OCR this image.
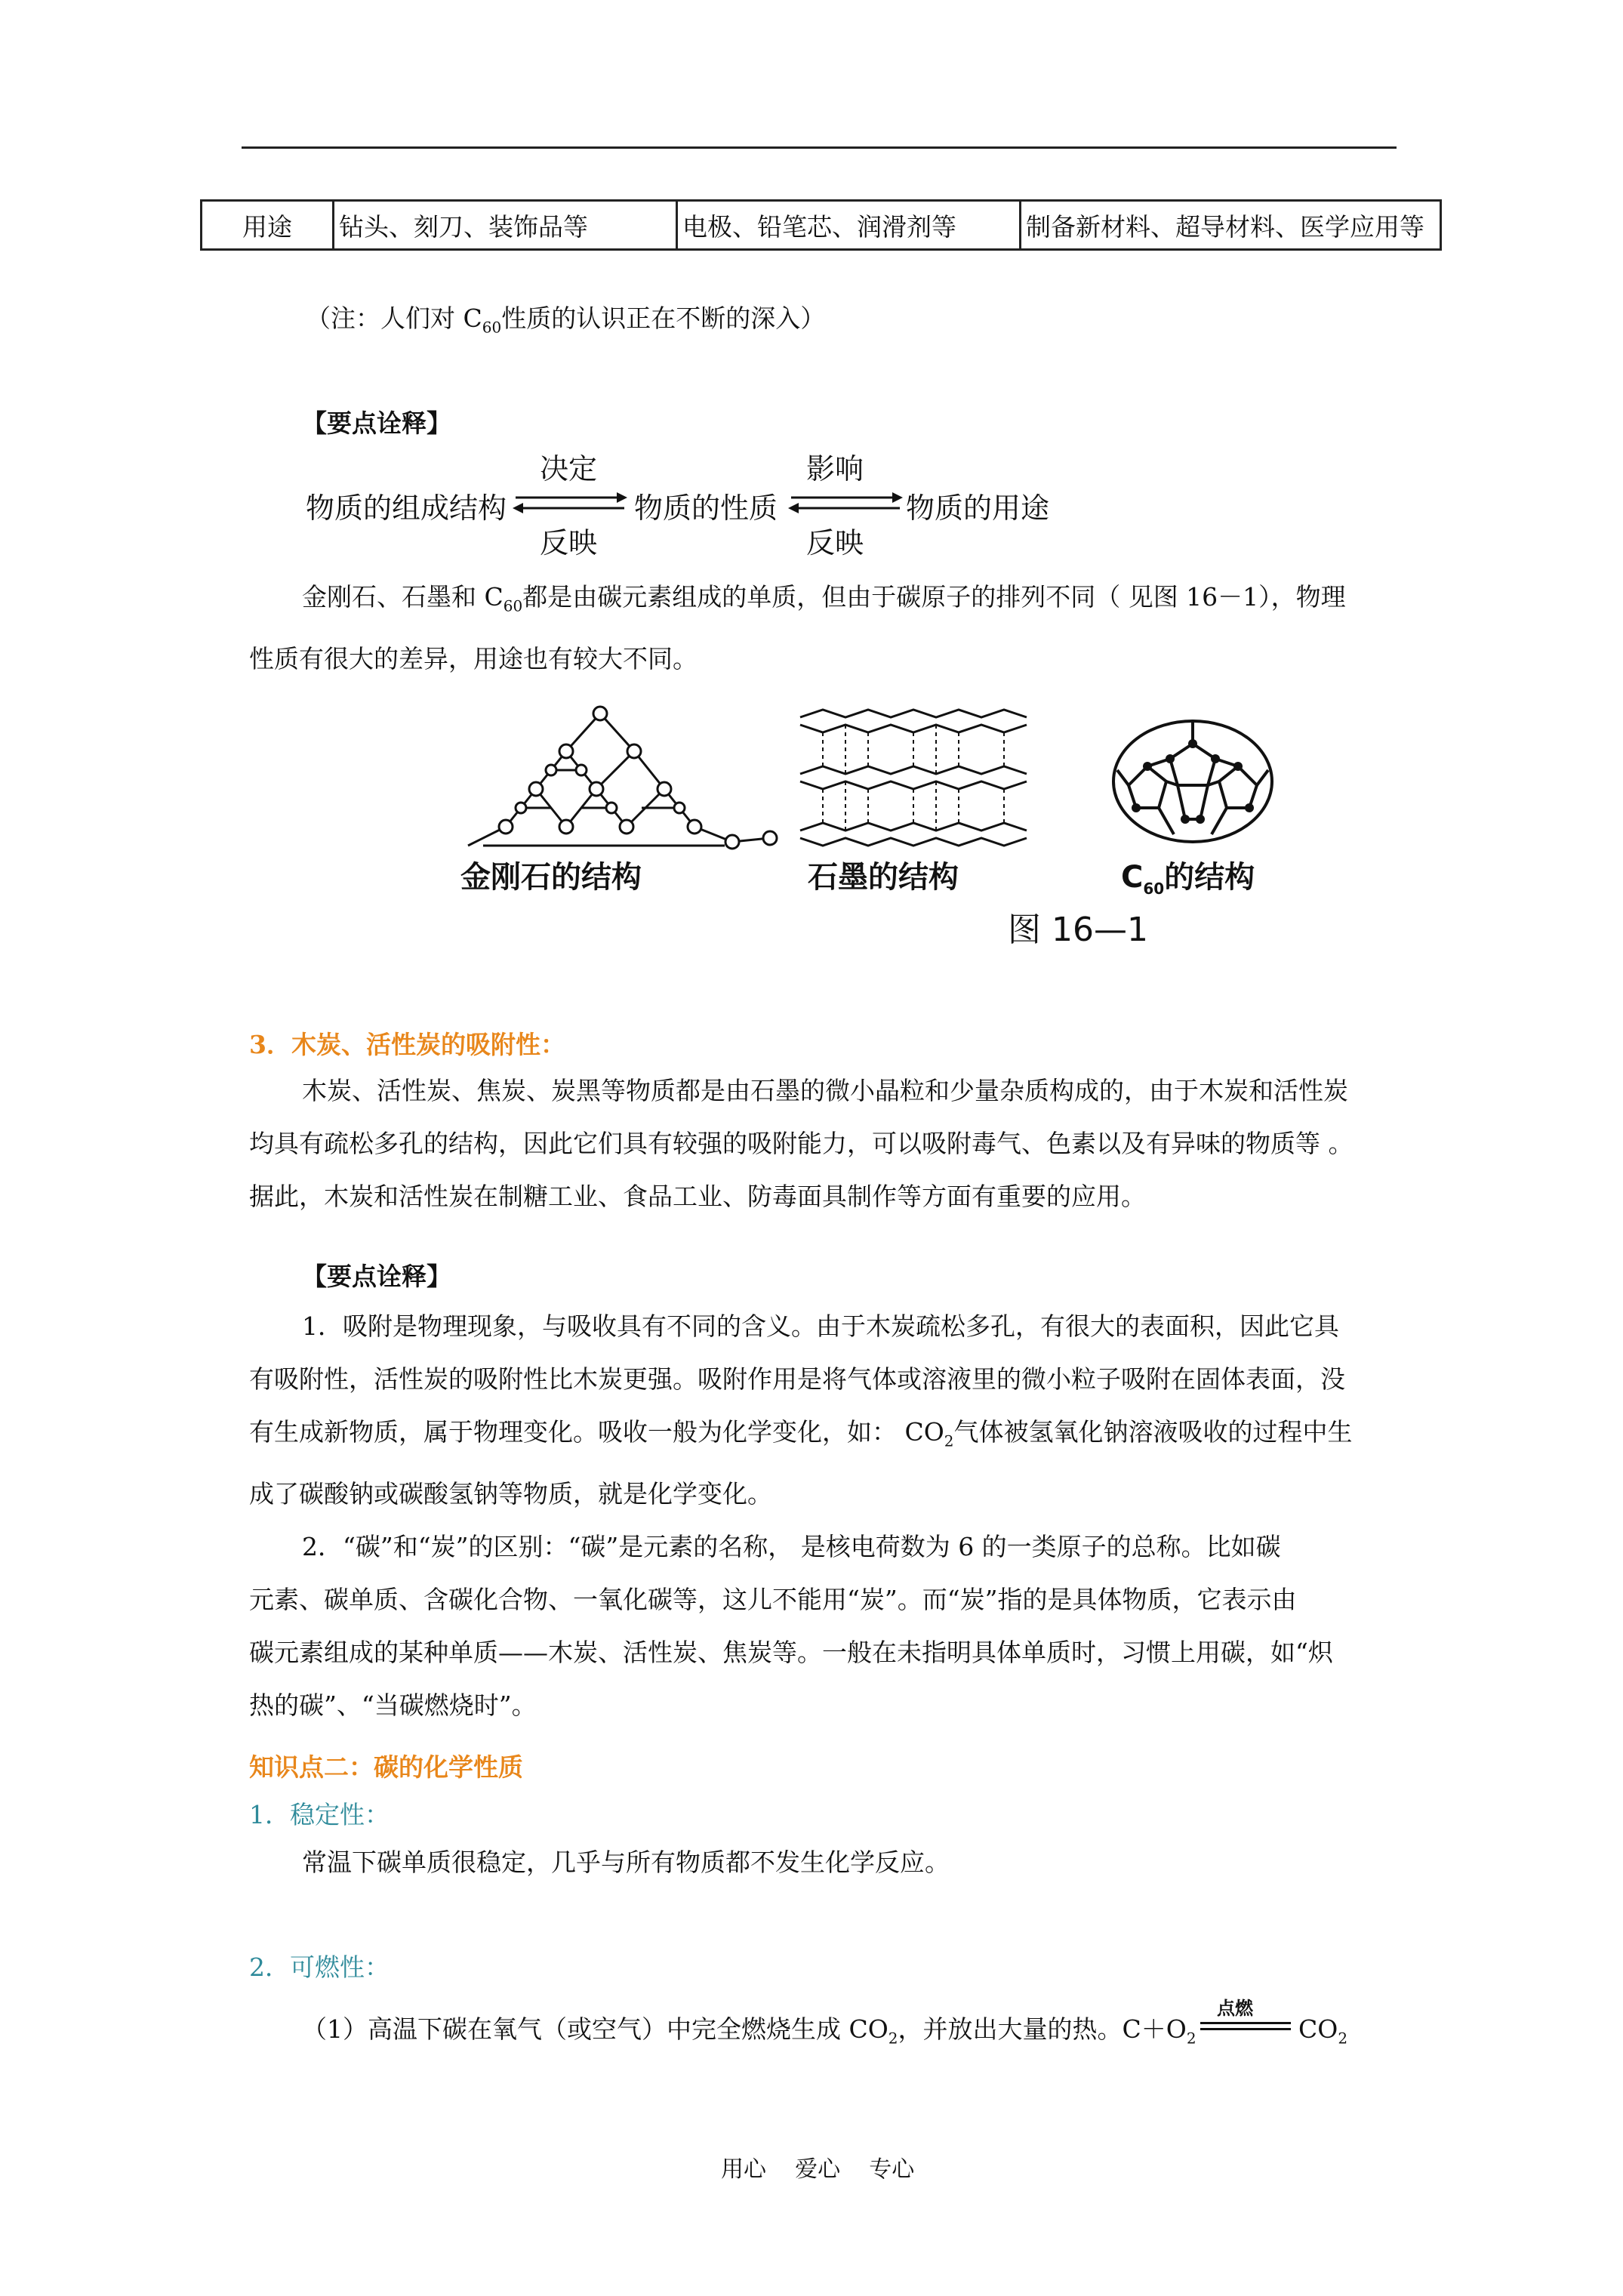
用途	钻头、刻刀、装饰品等	电极、铅笔芯、润滑剂等	制备新材料、超导材料、医学应用等
（注：人们对 $C_{60}$性质的认识正在不断的深入）
【要点诠释】
物质的组成结构
决定
反映
物质的性质
影响
反映
物质的用途

金刚石、石墨和 $C_{60}$都是由碳元素组成的单质，但由于碳原子的排列不同（ 见图 16－1），物理

性质有很大的差异，用途也有较大不同。

金刚石的结构	石墨的结构	$C_{60}$的结构
图 16—1
3．木炭、活性炭的吸附性：

木炭、活性炭、焦炭、炭黑等物质都是由石墨的微小晶粒和少量杂质构成的，由于木炭和活性炭

均具有疏松多孔的结构，因此它们具有较强的吸附能力，可以吸附毒气、色素以及有异味的物质等 。

据此，木炭和活性炭在制糖工业、食品工业、防毒面具制作等方面有重要的应用。

【要点诠释】

1．吸附是物理现象，与吸收具有不同的含义。由于木炭疏松多孔，有很大的表面积，因此它具

有吸附性，活性炭的吸附性比木炭更强。吸附作用是将气体或溶液里的微小粒子吸附在固体表面，没

有生成新物质，属于物理变化。吸收一般为化学变化，如： $CO_2$气体被氢氧化钠溶液吸收的过程中生

成了碳酸钠或碳酸氢钠等物质，就是化学变化。

2．“碳”和“炭”的区别：“碳”是元素的名称， 是核电荷数为 6 的一类原子的总称。比如碳

元素、碳单质、含碳化合物、一氧化碳等，这儿不能用“炭”。而“炭”指的是具体物质，它表示由

碳元素组成的某种单质——木炭、活性炭、焦炭等。一般在未指明具体单质时，习惯上用碳，如“炽

热的碳”、“当碳燃烧时”。

知识点二：碳的化学性质
1．稳定性：
常温下碳单质很稳定，几乎与所有物质都不发生化学反应。
2．可燃性：
（1）高温下碳在氧气（或空气）中完全燃烧生成 $CO_2$，并放出大量的热。$C+O_2$
点燃
$CO_2$
用心    爱心    专心
